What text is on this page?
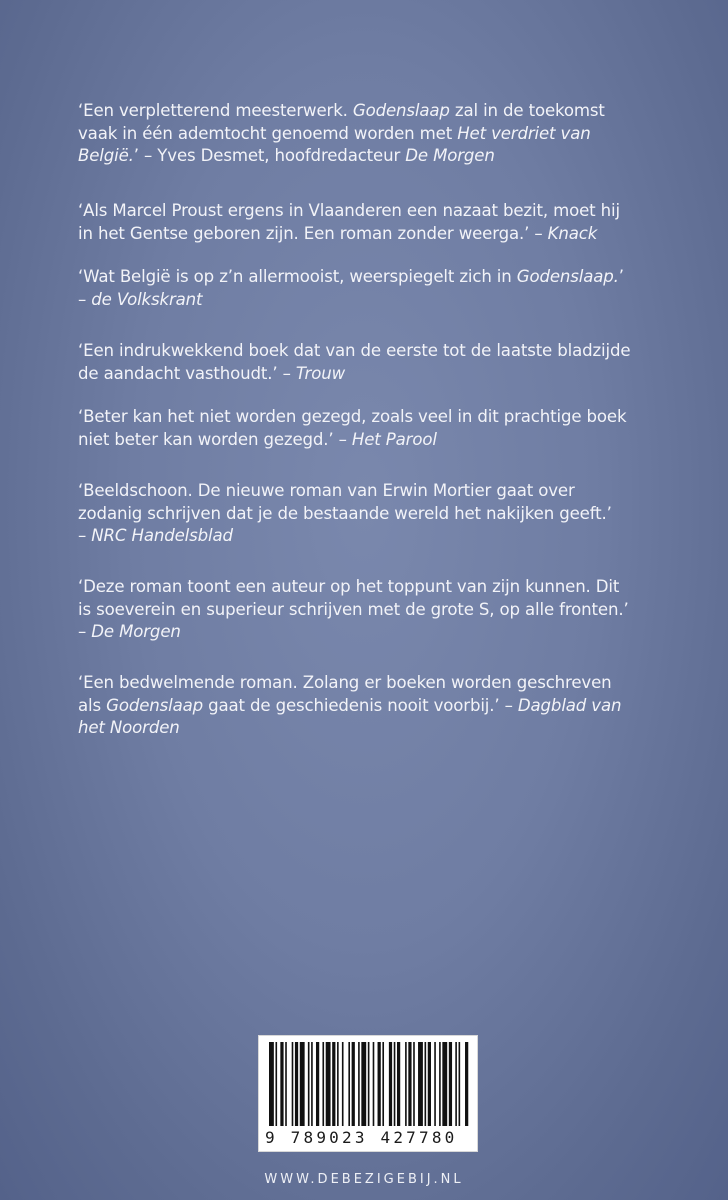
‘Een verpletterend meesterwerk. Godenslaap zal in de toekomst
vaak in één ademtocht genoemd worden met Het verdriet van
België.’ – Yves Desmet, hoofdredacteur De Morgen
‘Als Marcel Proust ergens in Vlaanderen een nazaat bezit, moet hij
in het Gentse geboren zijn. Een roman zonder weerga.’ – Knack
‘Wat België is op z’n allermooist, weerspiegelt zich in Godenslaap.’
– de Volkskrant
‘Een indrukwekkend boek dat van de eerste tot de laatste bladzijde
de aandacht vasthoudt.’ – Trouw
‘Beter kan het niet worden gezegd, zoals veel in dit prachtige boek
niet beter kan worden gezegd.’ – Het Parool
‘Beeldschoon. De nieuwe roman van Erwin Mortier gaat over
zodanig schrijven dat je de bestaande wereld het nakijken geeft.’
– NRC Handelsblad
‘Deze roman toont een auteur op het toppunt van zijn kunnen. Dit
is soeverein en superieur schrijven met de grote S, op alle fronten.’
– De Morgen
‘Een bedwelmende roman. Zolang er boeken worden geschreven
als Godenslaap gaat de geschiedenis nooit voorbij.’ – Dagblad van
het Noorden
9 789023 427780
WWW.DEBEZIGEBIJ.NL
